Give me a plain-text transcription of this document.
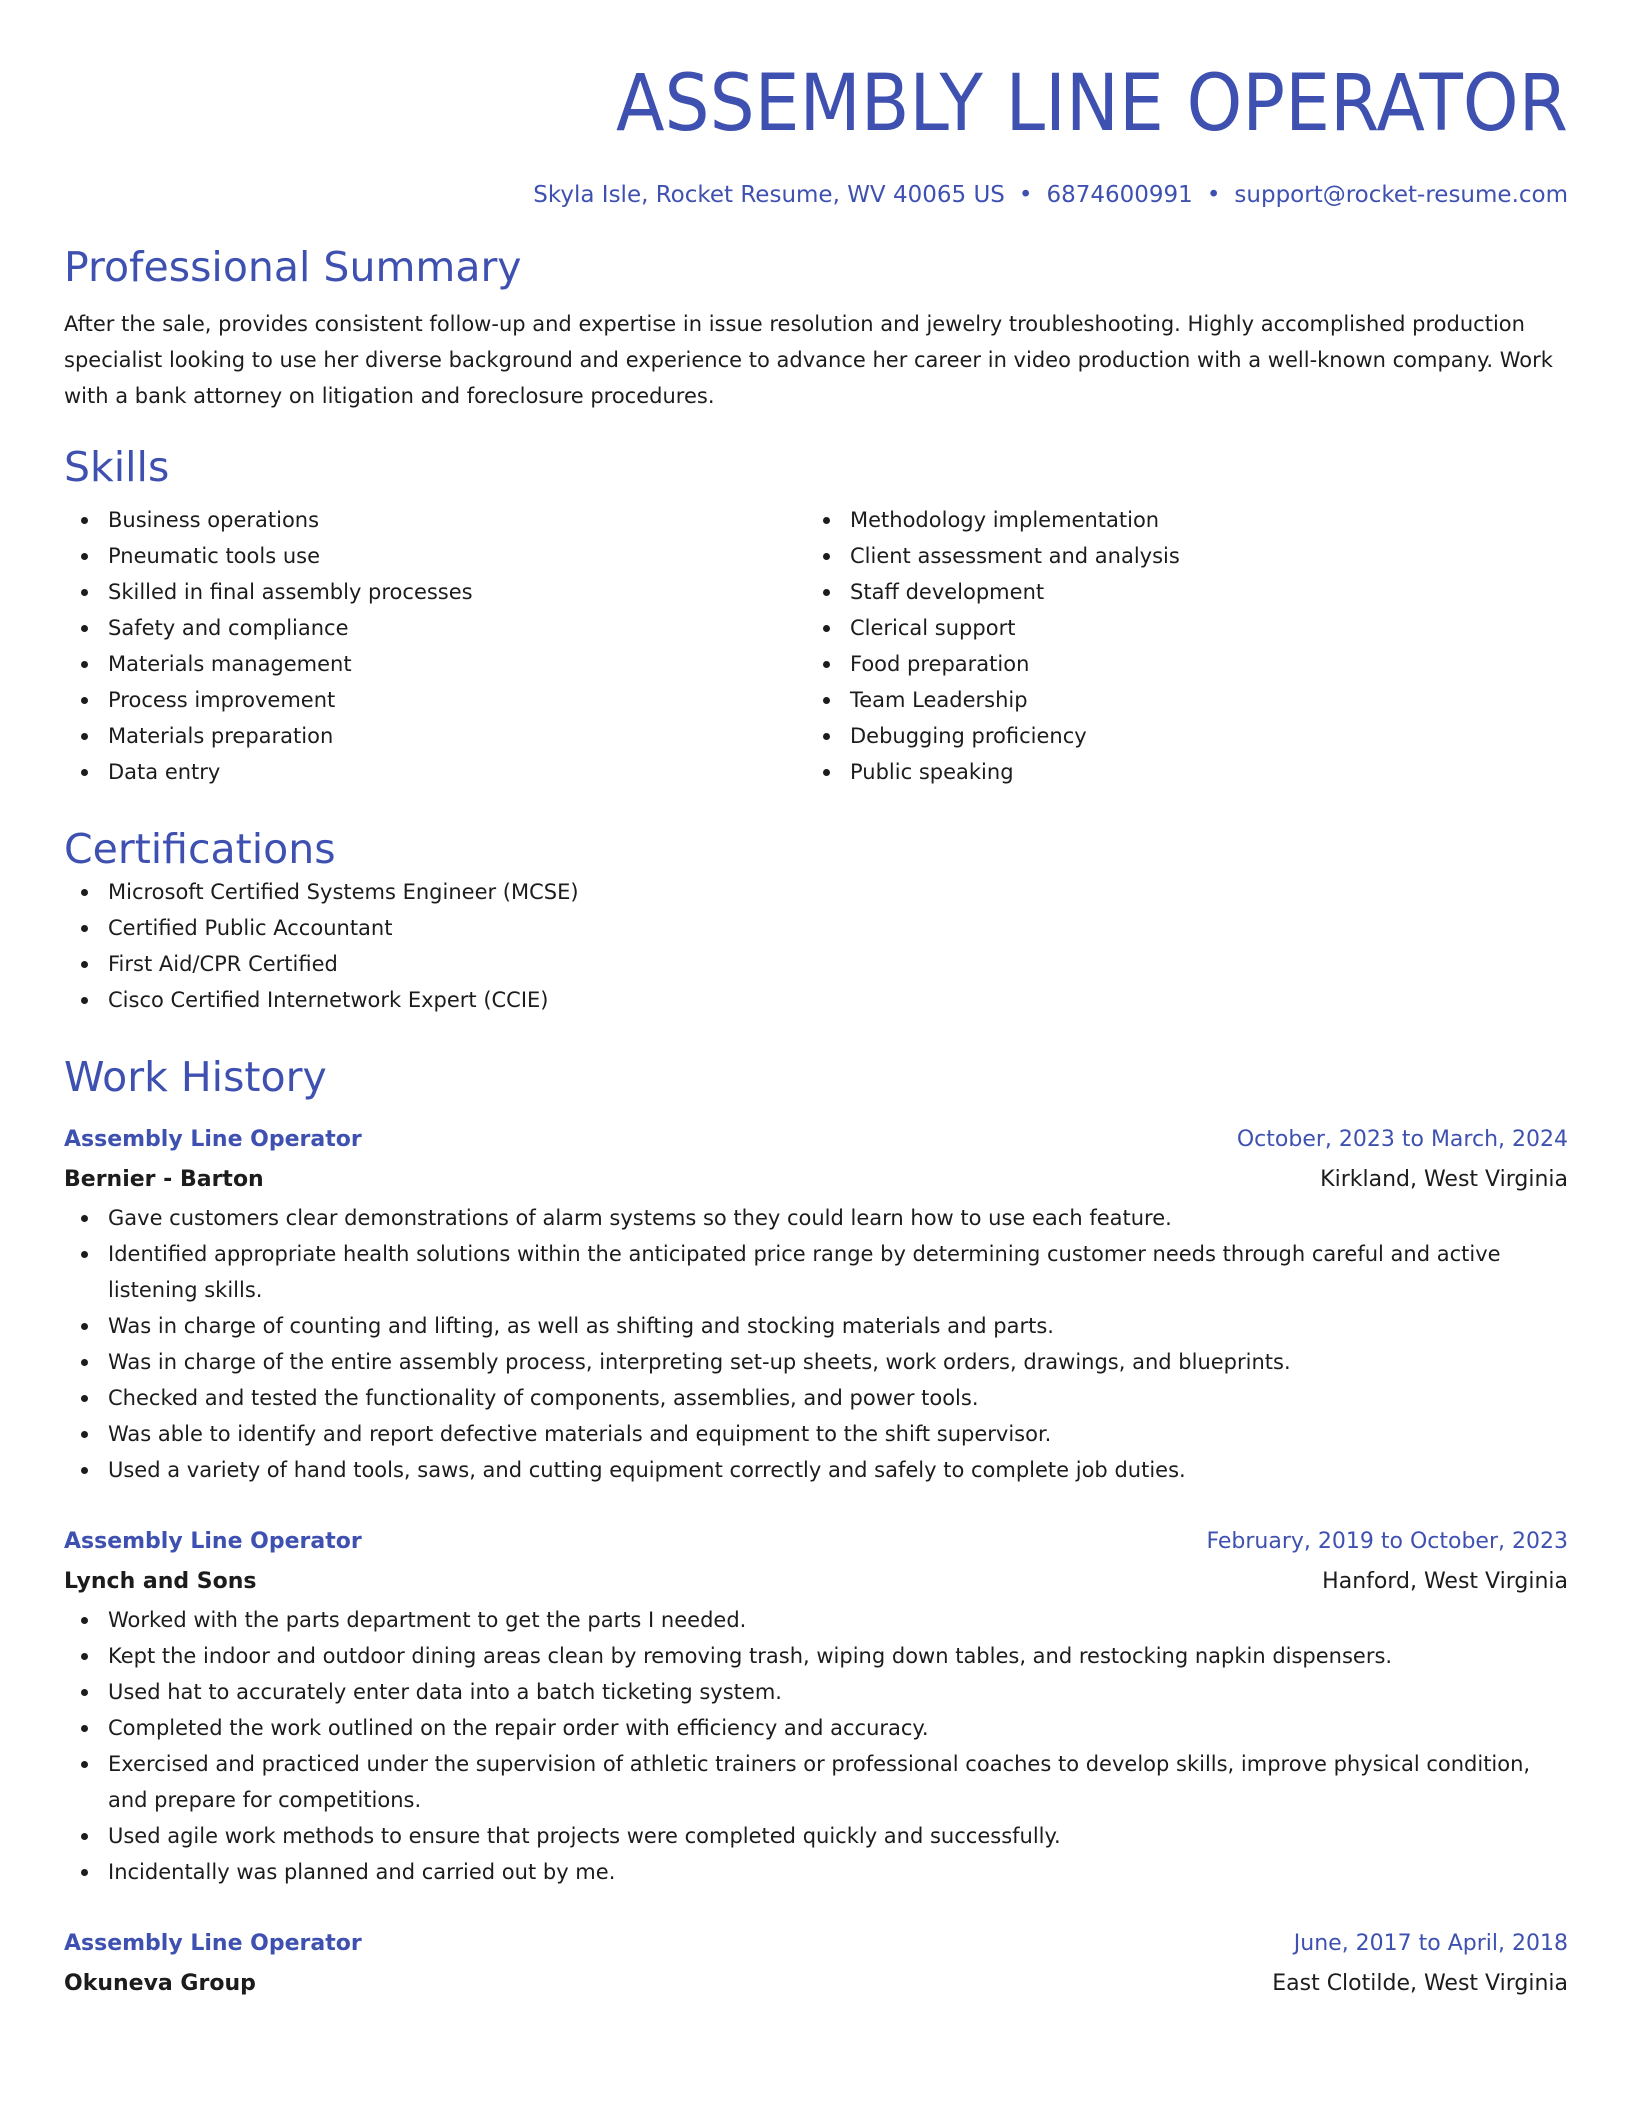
ASSEMBLY LINE OPERATOR
Skyla Isle, Rocket Resume, WV 40065 US • 6874600991 • support@rocket-resume.com
Professional Summary
After the sale, provides consistent follow-up and expertise in issue resolution and jewelry troubleshooting. Highly accomplished production specialist looking to use her diverse background and experience to advance her career in video production with a well-known company. Work with a bank attorney on litigation and foreclosure procedures.
Skills
Business operations
Pneumatic tools use
Skilled in final assembly processes
Safety and compliance
Materials management
Process improvement
Materials preparation
Data entry
Methodology implementation
Client assessment and analysis
Staff development
Clerical support
Food preparation
Team Leadership
Debugging proficiency
Public speaking
Certifications
Microsoft Certified Systems Engineer (MCSE)
Certified Public Accountant
First Aid/CPR Certified
Cisco Certified Internetwork Expert (CCIE)
Work History
Assembly Line Operator	October, 2023 to March, 2024
Bernier - Barton	Kirkland, West Virginia
Gave customers clear demonstrations of alarm systems so they could learn how to use each feature.
Identified appropriate health solutions within the anticipated price range by determining customer needs through careful and active listening skills.
Was in charge of counting and lifting, as well as shifting and stocking materials and parts.
Was in charge of the entire assembly process, interpreting set-up sheets, work orders, drawings, and blueprints.
Checked and tested the functionality of components, assemblies, and power tools.
Was able to identify and report defective materials and equipment to the shift supervisor.
Used a variety of hand tools, saws, and cutting equipment correctly and safely to complete job duties.
Assembly Line Operator	February, 2019 to October, 2023
Lynch and Sons	Hanford, West Virginia
Worked with the parts department to get the parts I needed.
Kept the indoor and outdoor dining areas clean by removing trash, wiping down tables, and restocking napkin dispensers.
Used hat to accurately enter data into a batch ticketing system.
Completed the work outlined on the repair order with efficiency and accuracy.
Exercised and practiced under the supervision of athletic trainers or professional coaches to develop skills, improve physical condition, and prepare for competitions.
Used agile work methods to ensure that projects were completed quickly and successfully.
Incidentally was planned and carried out by me.
Assembly Line Operator	June, 2017 to April, 2018
Okuneva Group	East Clotilde, West Virginia
